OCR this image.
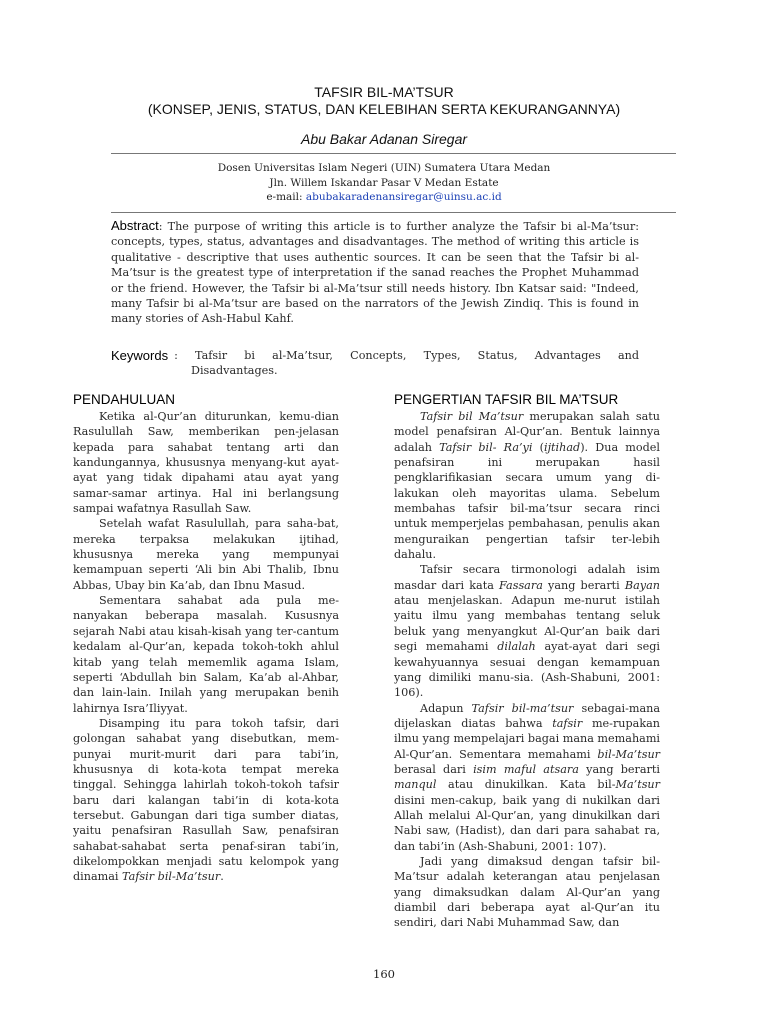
TAFSIR BIL-MA’TSUR
(KONSEP, JENIS, STATUS, DAN KELEBIHAN SERTA KEKURANGANNYA)
Abu Bakar Adanan Siregar
Dosen Universitas Islam Negeri (UIN) Sumatera Utara Medan
Jln. Willem Iskandar Pasar V Medan Estate
e-mail: abubakaradenansiregar@uinsu.ac.id

Abstract: The purpose of writing this article is to further analyze the Tafsir bi al-Ma’tsur: concepts, types, status, advantages and disadvantages. The method of writing this article is qualitative - descriptive that uses authentic sources. It can be seen that the Tafsir bi al-Ma’tsur is the greatest type of interpretation if the sanad reaches the Prophet Muhammad or the friend. However, the Tafsir bi al-Ma’tsur still needs history. Ibn Katsar said: "Indeed, many Tafsir bi al-Ma’tsur are based on the narrators of the Jewish Zindiq. This is found in many stories of Ash-Habul Kahf.

Keywords : Tafsir bi al-Ma’tsur, Concepts, Types, Status, Advantages and
Disadvantages.
PENDAHULUAN

Ketika al-Qur’an diturunkan, kemu-dian Rasulullah Saw, memberikan pen-jelasan kepada para sahabat tentang arti dan kandungannya, khususnya menyang-kut ayat-ayat yang tidak dipahami atau ayat yang samar-samar artinya. Hal ini berlangsung sampai wafatnya Rasullah Saw.

Setelah wafat Rasulullah, para saha-bat, mereka terpaksa melakukan ijtihad, khususnya mereka yang mempunyai kemampuan seperti ‘Ali bin Abi Thalib, Ibnu Abbas, Ubay bin Ka’ab, dan Ibnu Masud.

Sementara sahabat ada pula me-nanyakan beberapa masalah. Kususnya sejarah Nabi atau kisah-kisah yang ter-cantum kedalam al-Qur’an, kepada tokoh-tokh ahlul kitab yang telah mememlik agama Islam, seperti ‘Abdullah bin Salam, Ka’ab al-Ahbar, dan lain-lain. Inilah yang merupakan benih lahirnya Isra’Iliyyat.

Disamping itu para tokoh tafsir, dari golongan sahabat yang disebutkan, mem-punyai murit-murit dari para tabi’in, khususnya di kota-kota tempat mereka tinggal. Sehingga lahirlah tokoh-tokoh tafsir baru dari kalangan tabi’in di kota-kota tersebut. Gabungan dari tiga sumber diatas, yaitu penafsiran Rasullah Saw, penafsiran sahabat-sahabat serta penaf-siran tabi’in, dikelompokkan menjadi satu kelompok yang dinamai Tafsir bil-Ma’tsur.

PENGERTIAN TAFSIR BIL MA’TSUR

Tafsir bil Ma’tsur merupakan salah satu model penafsiran Al-Qur’an. Bentuk lainnya adalah Tafsir bil- Ra’yi (ijtihad). Dua model penafsiran ini merupakan hasil pengklarifikasian secara umum yang di-lakukan oleh mayoritas ulama. Sebelum membahas tafsir bil-ma’tsur secara rinci untuk memperjelas pembahasan, penulis akan menguraikan pengertian tafsir ter-lebih dahalu.

Tafsir secara tirmonologi adalah isim masdar dari kata Fassara yang berarti Bayan atau menjelaskan. Adapun me-nurut istilah yaitu ilmu yang membahas tentang seluk beluk yang menyangkut Al-Qur’an baik dari segi memahami dilalah ayat-ayat dari segi kewahyuannya sesuai dengan kemampuan yang dimiliki manu-sia. (Ash-Shabuni, 2001: 106).

Adapun Tafsir bil-ma’tsur sebagai-mana dijelaskan diatas bahwa tafsir me-rupakan ilmu yang mempelajari bagai mana memahami Al-Qur’an. Sementara memahami bil-Ma’tsur berasal dari isim maful atsara yang berarti manqul atau dinukilkan. Kata bil-Ma’tsur disini men-cakup, baik yang di nukilkan dari Allah melalui Al-Qur’an, yang dinukilkan dari Nabi saw, (Hadist), dan dari para sahabat ra, dan tabi’in (Ash-Shabuni, 2001: 107).

Jadi yang dimaksud dengan tafsir bil-Ma’tsur adalah keterangan atau penjelasan yang dimaksudkan dalam Al-Qur’an yang diambil dari beberapa ayat al-Qur’an itu sendiri, dari Nabi Muhammad Saw, dan

160
